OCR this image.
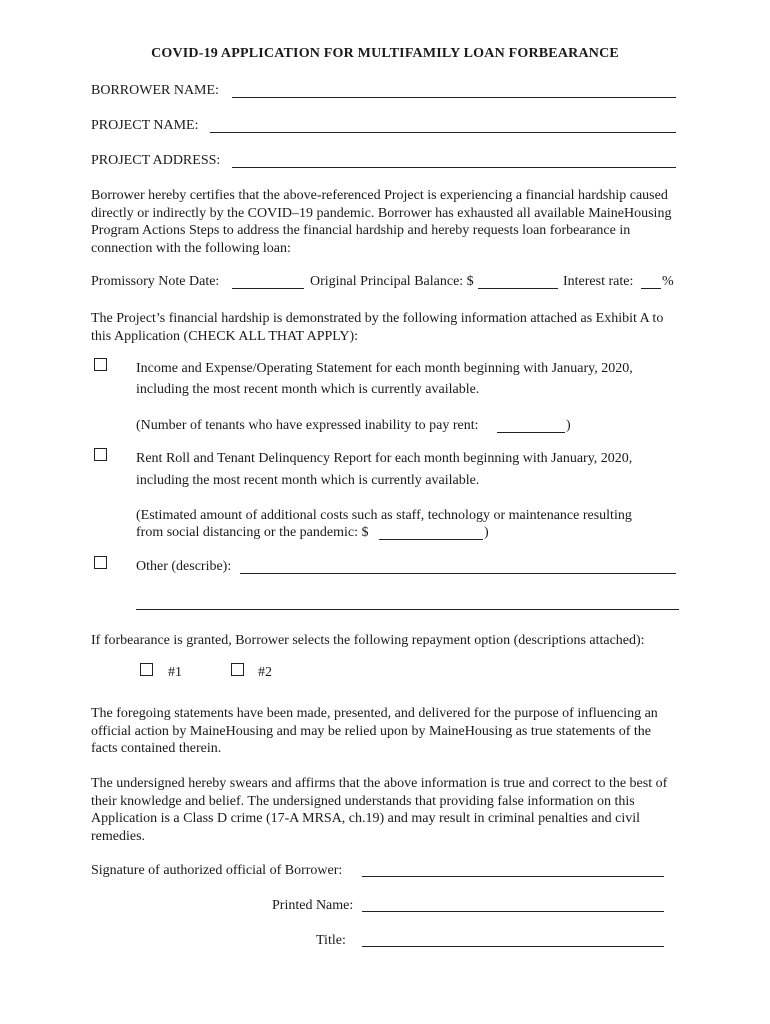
COVID-19 APPLICATION FOR MULTIFAMILY LOAN FORBEARANCE
BORROWER NAME:
PROJECT NAME:
PROJECT ADDRESS:
Borrower hereby certifies that the above-referenced Project is experiencing a financial hardship caused directly or indirectly by the COVID–19 pandemic. Borrower has exhausted all available MaineHousing Program Actions Steps to address the financial hardship and hereby requests loan forbearance in connection with the following loan:
Promissory Note Date:	Original Principal Balance: $	Interest rate: %
The Project’s financial hardship is demonstrated by the following information attached as Exhibit A to this Application (CHECK ALL THAT APPLY):
Income and Expense/Operating Statement for each month beginning with January, 2020,
including the most recent month which is currently available.
(Number of tenants who have expressed inability to pay rent:	)
Rent Roll and Tenant Delinquency Report for each month beginning with January, 2020,
including the most recent month which is currently available.
(Estimated amount of additional costs such as staff, technology or maintenance resulting
from social distancing or the pandemic: $	)
Other (describe):
If forbearance is granted, Borrower selects the following repayment option (descriptions attached):
#1	#2
The foregoing statements have been made, presented, and delivered for the purpose of influencing an official action by MaineHousing and may be relied upon by MaineHousing as true statements of the facts contained therein.
The undersigned hereby swears and affirms that the above information is true and correct to the best of their knowledge and belief. The undersigned understands that providing false information on this Application is a Class D crime (17-A MRSA, ch.19) and may result in criminal penalties and civil remedies.
Signature of authorized official of Borrower:
Printed Name:
Title:
